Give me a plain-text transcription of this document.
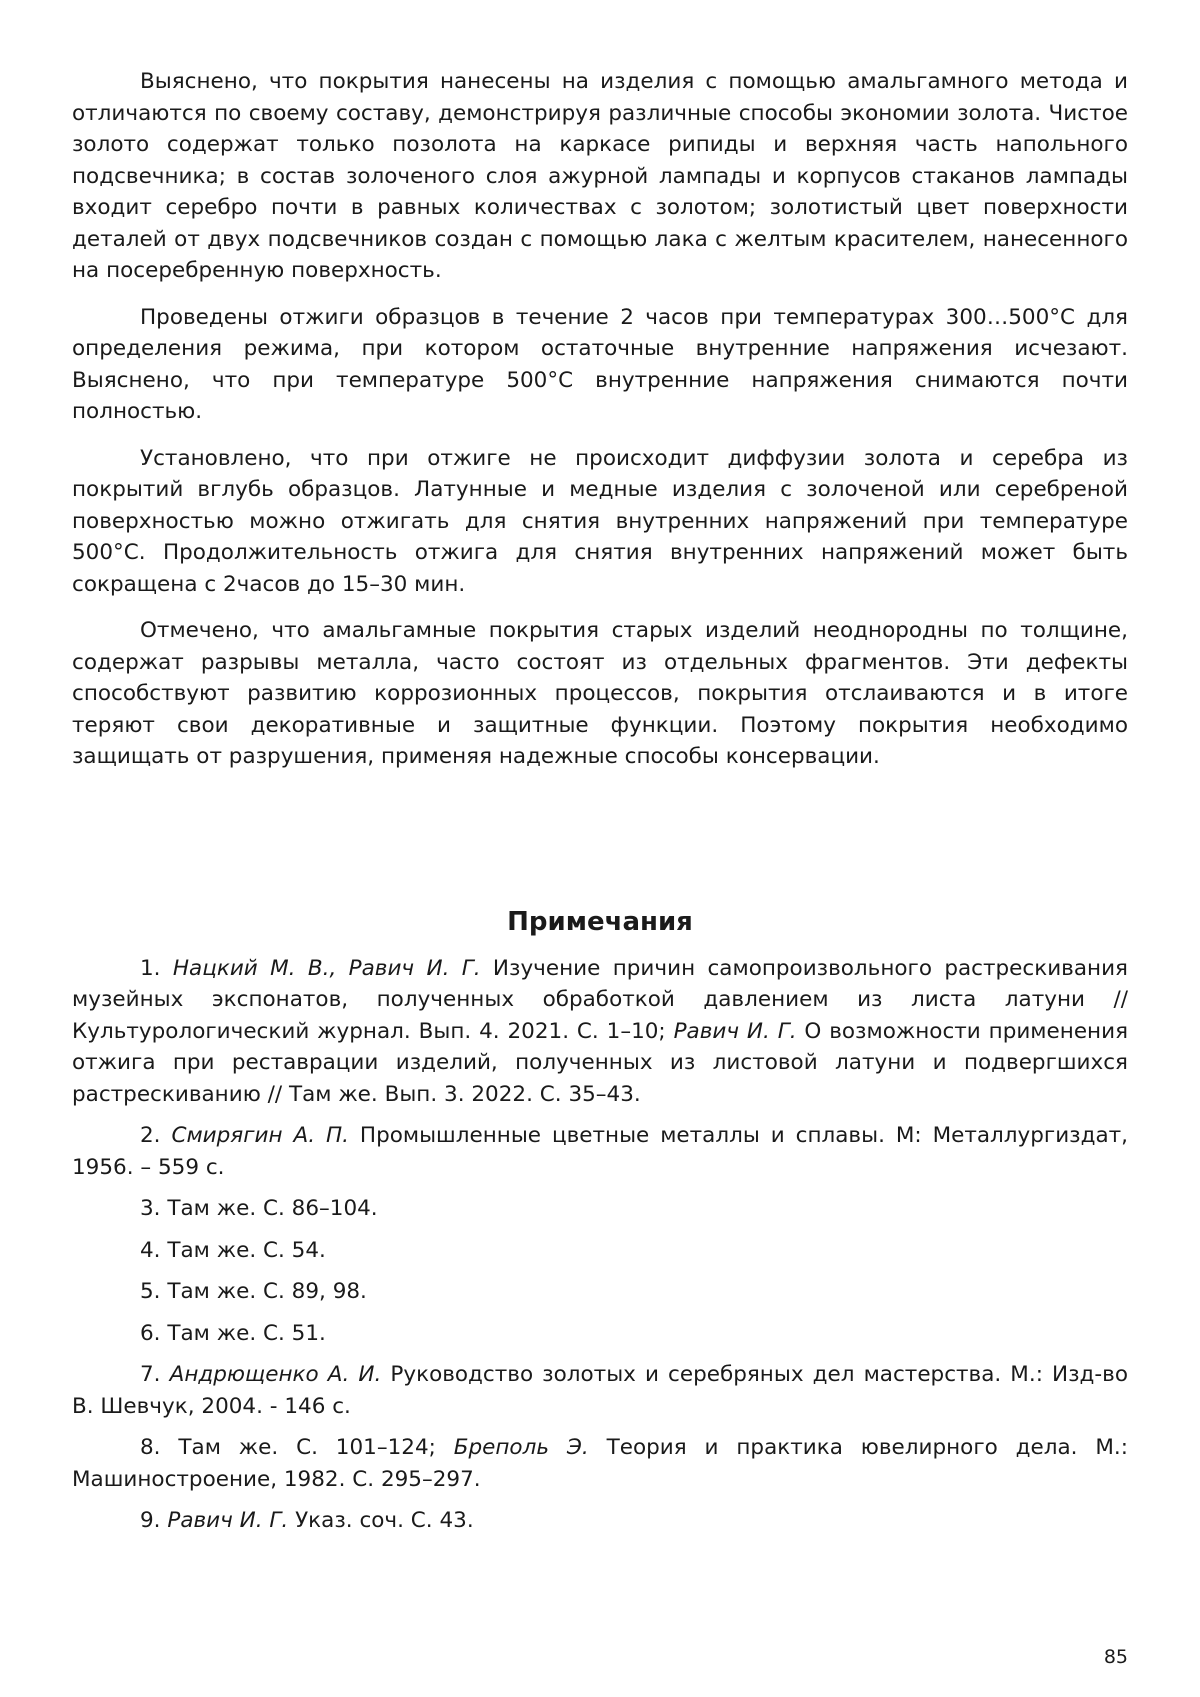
Выяснено, что покрытия нанесены на изделия с помощью амальгамного метода и отличаются по своему составу, демонстрируя различные способы экономии золота. Чистое золото содержат только позолота на каркасе рипиды и верхняя часть напольного подсвечника; в состав золоченого слоя ажурной лампады и корпусов стаканов лампады входит серебро почти в равных количествах с золотом; золотистый цвет поверхности деталей от двух подсвечников создан с помощью лака с желтым красителем, нанесенного на посеребренную поверхность.

Проведены отжиги образцов в течение 2 часов при температурах 300…500°С для определения режима, при котором остаточные внутренние напряжения исчезают. Выяснено, что при температуре 500°С внутренние напряжения снимаются почти полностью.

Установлено, что при отжиге не происходит диффузии золота и серебра из покрытий вглубь образцов. Латунные и медные изделия с золоченой или серебреной поверхностью можно отжигать для снятия внутренних напряжений при температуре 500°С. Продолжительность отжига для снятия внутренних напряжений может быть сокращена с 2часов до 15–30 мин.

Отмечено, что амальгамные покрытия старых изделий неоднородны по толщине, содержат разрывы металла, часто состоят из отдельных фрагментов. Эти дефекты способствуют развитию коррозионных процессов, покрытия отслаиваются и в итоге теряют свои декоративные и защитные функции. Поэтому покрытия необходимо защищать от разрушения, применяя надежные способы консервации.

Примечания

1. Нацкий М. В., Равич И. Г. Изучение причин самопроизвольного растрескивания музейных экспонатов, полученных обработкой давлением из листа латуни // Культурологический журнал. Вып. 4. 2021. С. 1–10; Равич И. Г. О возможности применения отжига при реставрации изделий, полученных из листовой латуни и подвергшихся растрескиванию // Там же. Вып. 3. 2022. С. 35–43.

2. Смирягин А. П. Промышленные цветные металлы и сплавы. М: Металлургиздат, 1956. – 559 с.

3. Там же. С. 86–104.

4. Там же. С. 54.

5. Там же. С. 89, 98.

6. Там же. С. 51.

7. Андрющенко А. И. Руководство золотых и серебряных дел мастерства. М.: Изд-во В. Шевчук, 2004. - 146 с.

8. Там же. С. 101–124; Бреполь Э. Теория и практика ювелирного дела. М.: Машиностроение, 1982. С. 295–297.

9. Равич И. Г. Указ. соч. С. 43.

85
